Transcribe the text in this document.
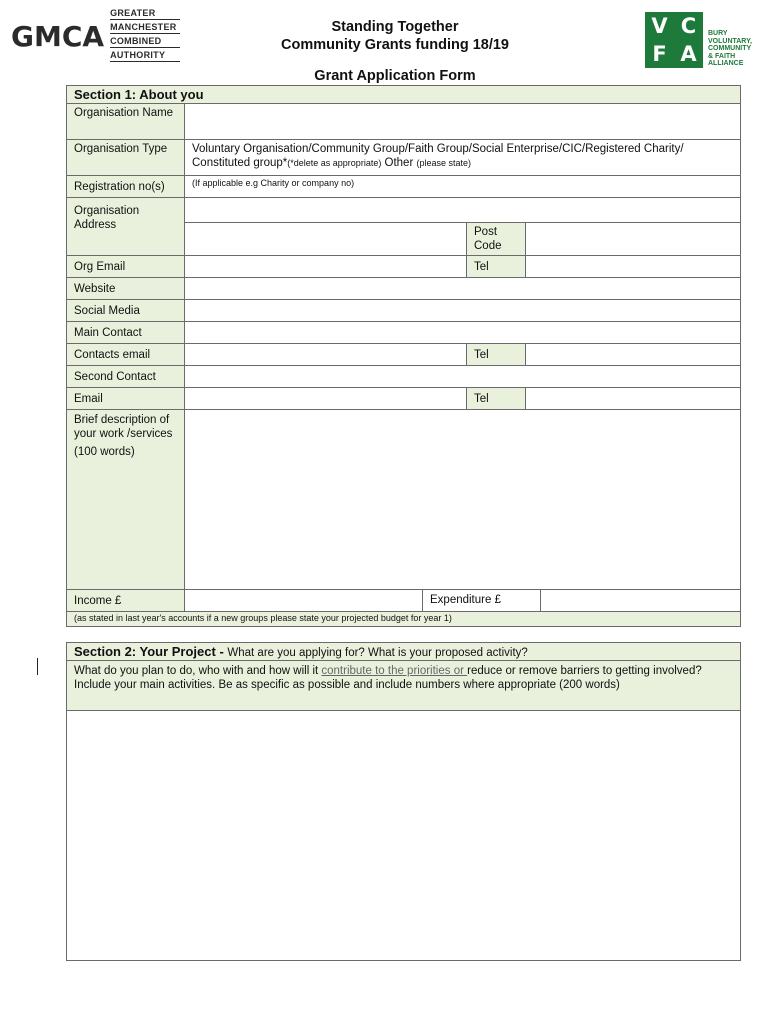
GMCA
GREATER
MANCHESTER
COMBINED
AUTHORITY
Standing Together
Community Grants funding 18/19
Grant Application Form
V C
F A
BURY
VOLUNTARY,
COMMUNITY
& FAITH
ALLIANCE
Section 1: About you
Organisation Name
Organisation Type	Voluntary Organisation/Community Group/Faith Group/Social Enterprise/CIC/Registered Charity/ Constituted group*(*delete as appropriate) Other (please state)
Registration no(s)	(If applicable e.g Charity or company no)
Organisation Address
Post Code
Org Email	Tel
Website
Social Media
Main Contact
Contacts email	Tel
Second Contact
Email	Tel
Brief description of your work /services
(100 words)
Income £	Expenditure £
(as stated in last year's accounts if a new groups please state your projected budget for year 1)
Section 2: Your Project - What are you applying for? What is your proposed activity?
What do you plan to do, who with and how will it contribute to the priorities or reduce or remove barriers to getting involved? Include your main activities. Be as specific as possible and include numbers where appropriate (200 words)
